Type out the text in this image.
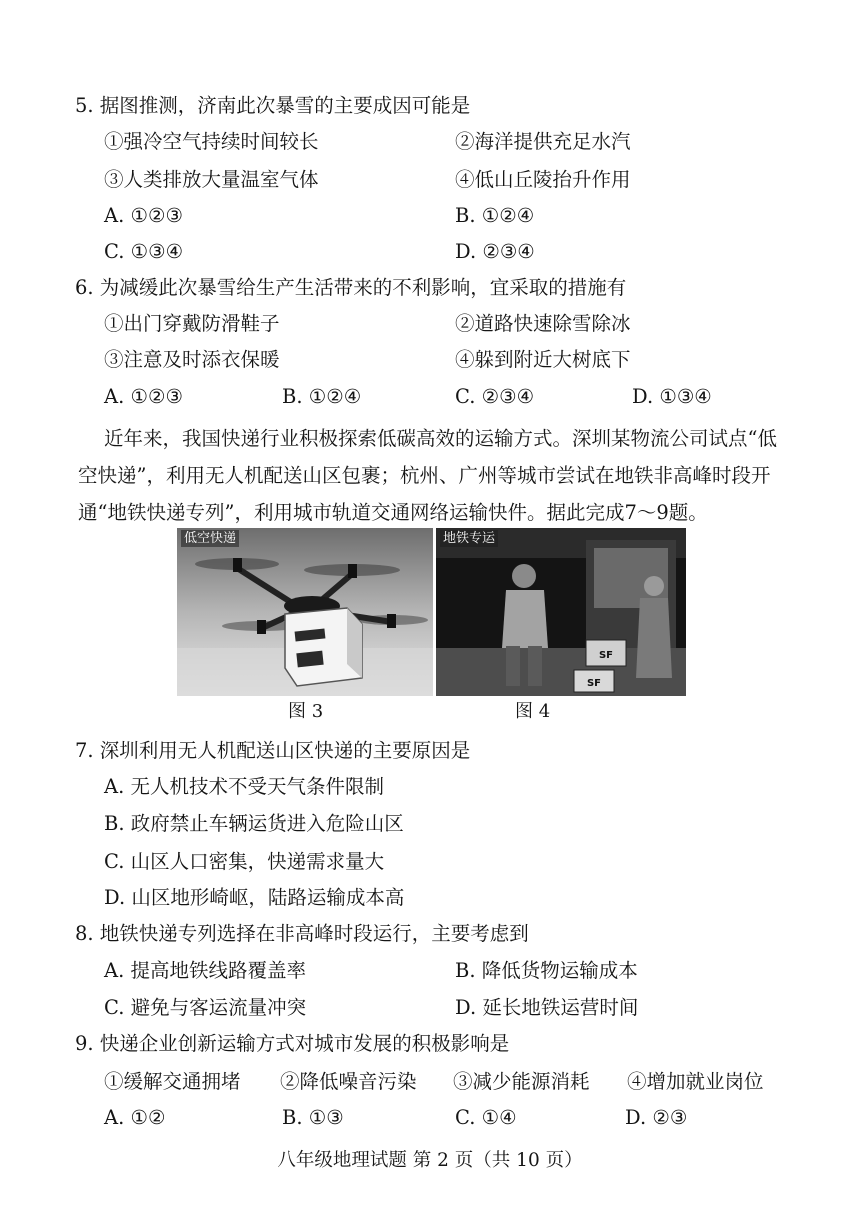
5. 据图推测，济南此次暴雪的主要成因可能是
①强冷空气持续时间较长	②海洋提供充足水汽
③人类排放大量温室气体	④低山丘陵抬升作用
A. ①②③	B. ①②④
C. ①③④	D. ②③④
6. 为减缓此次暴雪给生产生活带来的不利影响，宜采取的措施有
①出门穿戴防滑鞋子	②道路快速除雪除冰
③注意及时添衣保暖	④躲到附近大树底下
A. ①②③	B. ①②④	C. ②③④	D. ①③④
近年来，我国快递行业积极探索低碳高效的运输方式。深圳某物流公司试点“低
空快递”，利用无人机配送山区包裹；杭州、广州等城市尝试在地铁非高峰时段开
通“地铁快递专列”，利用城市轨道交通网络运输快件。据此完成7～9题。
低空快递
SF
SF
地铁专运
图 3	图 4
7. 深圳利用无人机配送山区快递的主要原因是
A. 无人机技术不受天气条件限制
B. 政府禁止车辆运货进入危险山区
C. 山区人口密集，快递需求量大
D. 山区地形崎岖，陆路运输成本高
8. 地铁快递专列选择在非高峰时段运行，主要考虑到
A. 提高地铁线路覆盖率	B. 降低货物运输成本
C. 避免与客运流量冲突	D. 延长地铁运营时间
9. 快递企业创新运输方式对城市发展的积极影响是
①缓解交通拥堵 ②降低噪音污染 ③减少能源消耗 ④增加就业岗位
A. ①②	B. ①③	C. ①④	D. ②③
八年级地理试题 第 2 页（共 10 页）
